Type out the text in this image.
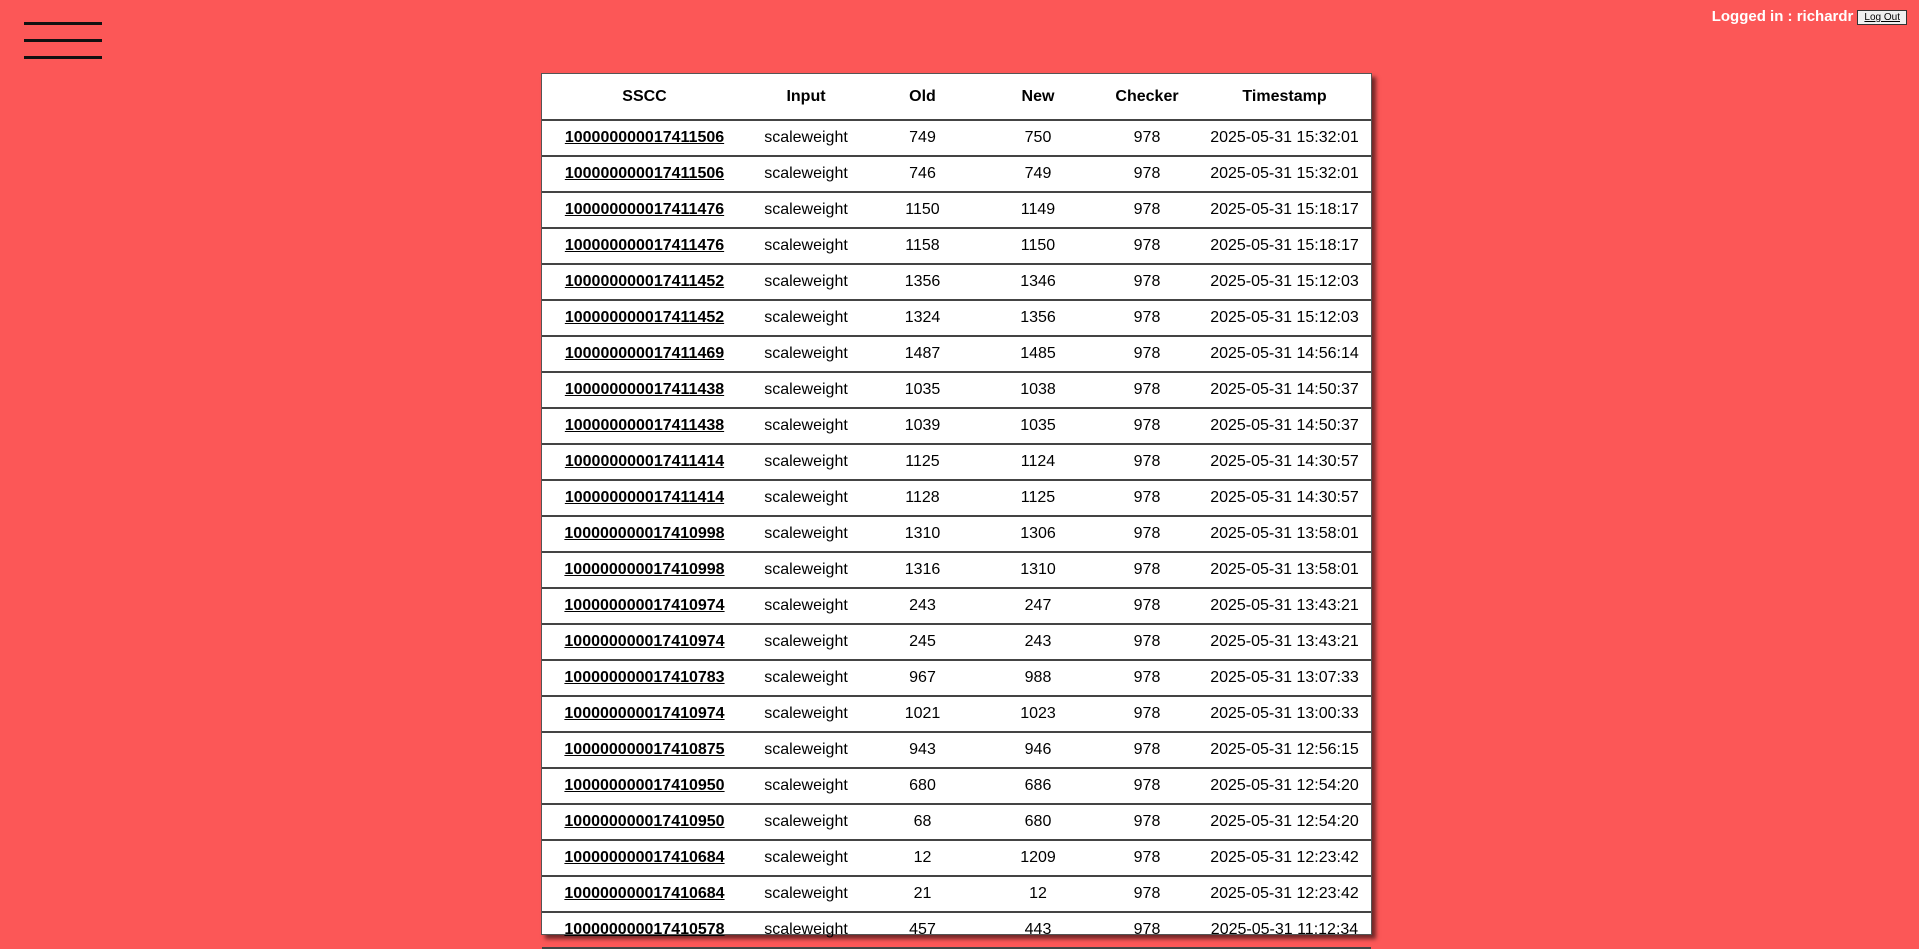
Logged in : richardr	Log Out
SSCC	Input	Old	New	Checker	Timestamp
100000000017411506	scaleweight	749	750	978	2025-05-31 15:32:01
100000000017411506	scaleweight	746	749	978	2025-05-31 15:32:01
100000000017411476	scaleweight	1150	1149	978	2025-05-31 15:18:17
100000000017411476	scaleweight	1158	1150	978	2025-05-31 15:18:17
100000000017411452	scaleweight	1356	1346	978	2025-05-31 15:12:03
100000000017411452	scaleweight	1324	1356	978	2025-05-31 15:12:03
100000000017411469	scaleweight	1487	1485	978	2025-05-31 14:56:14
100000000017411438	scaleweight	1035	1038	978	2025-05-31 14:50:37
100000000017411438	scaleweight	1039	1035	978	2025-05-31 14:50:37
100000000017411414	scaleweight	1125	1124	978	2025-05-31 14:30:57
100000000017411414	scaleweight	1128	1125	978	2025-05-31 14:30:57
100000000017410998	scaleweight	1310	1306	978	2025-05-31 13:58:01
100000000017410998	scaleweight	1316	1310	978	2025-05-31 13:58:01
100000000017410974	scaleweight	243	247	978	2025-05-31 13:43:21
100000000017410974	scaleweight	245	243	978	2025-05-31 13:43:21
100000000017410783	scaleweight	967	988	978	2025-05-31 13:07:33
100000000017410974	scaleweight	1021	1023	978	2025-05-31 13:00:33
100000000017410875	scaleweight	943	946	978	2025-05-31 12:56:15
100000000017410950	scaleweight	680	686	978	2025-05-31 12:54:20
100000000017410950	scaleweight	68	680	978	2025-05-31 12:54:20
100000000017410684	scaleweight	12	1209	978	2025-05-31 12:23:42
100000000017410684	scaleweight	21	12	978	2025-05-31 12:23:42
100000000017410578	scaleweight	457	443	978	2025-05-31 11:12:34
